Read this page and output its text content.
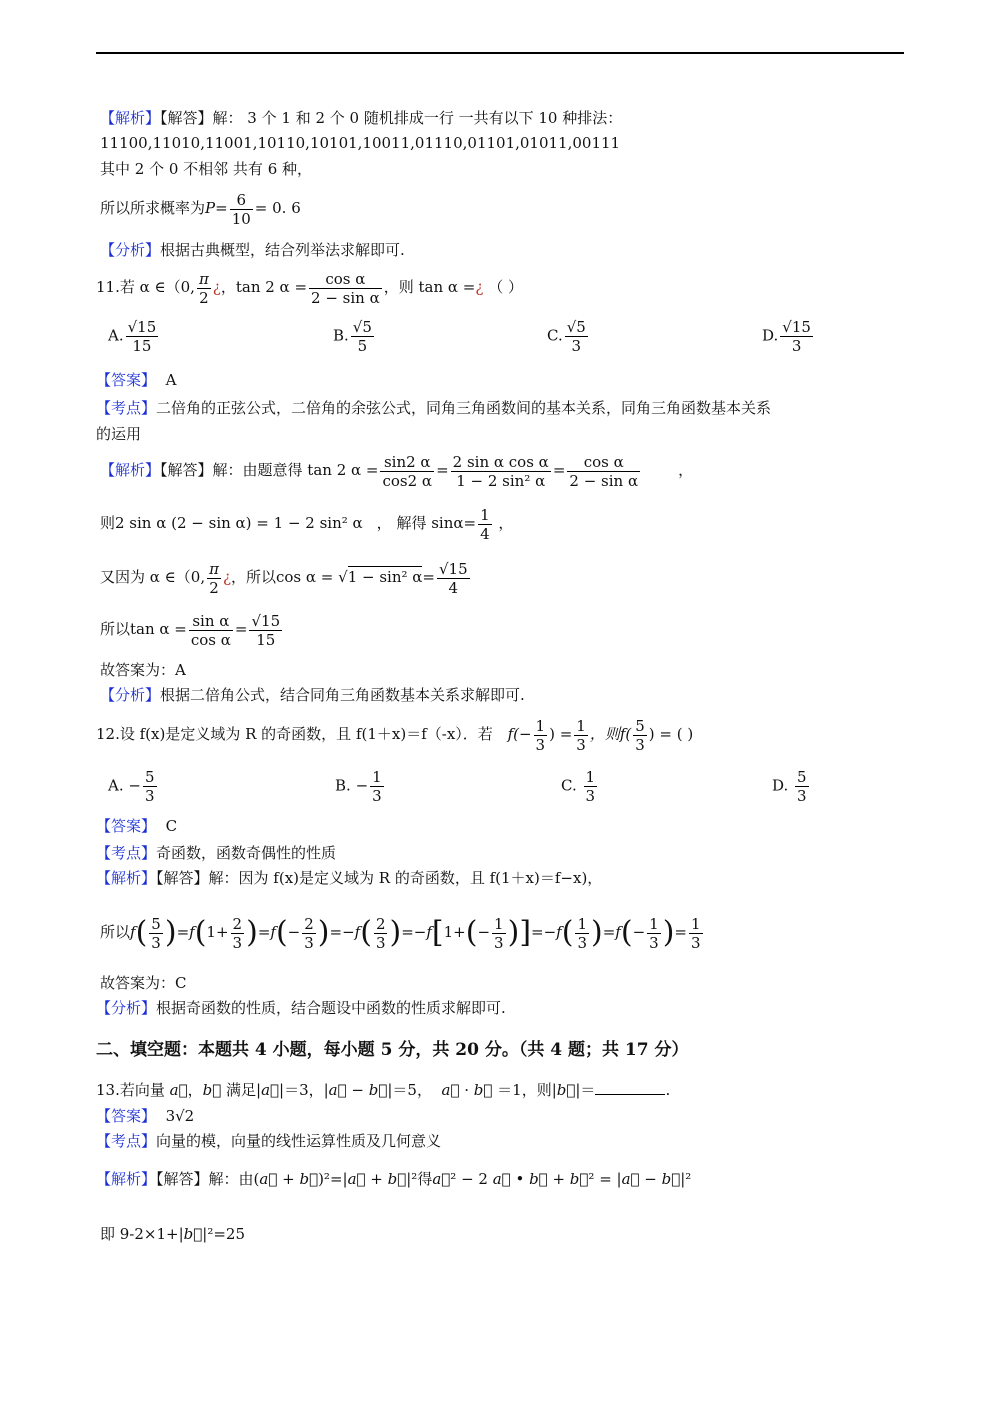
【解析】【解答】解： 3 个 1 和 2 个 0 随机排成一行 一共有以下 10 种排法：
11100,11010,11001,10110,10101,10011,01110,01101,01011,00111
其中 2 个 0 不相邻 共有 6 种，
所以所求概率为$P= \frac{6}{10} = 0$. 6
【分析】根据古典概型，结合列举法求解即可.
11.若 α ∈（0, $\frac{\pi}{2}$ ¿，tan 2 $\alpha = \frac{\text{cos α}}{\text{2 − sin α}}$ ，则 tan α =¿ （ ）
A. $\frac{√15}{15}$	B. $\frac{√5}{5}$	C. $\frac{√5}{3}$	D. $\frac{√15}{3}$
【答案】 A
【考点】二倍角的正弦公式，二倍角的余弦公式，同角三角函数间的基本关系，同角三角函数基本关系
的运用
【解析】【解答】解：由题意得 tan 2 $\alpha = \frac{\sin 2 \alpha}{\cos 2 \alpha} = \frac{\text{2 sin α cos α}}{\text{1 − 2 sin² α}} = \frac{\text{cos α}}{\text{2 − sin α}}$	，
则2 sin α (2 − sin α) = 1 − 2 sin² α ， 解得 $\sin\alpha= \frac{1}{4}$ ，
又因为 α ∈（0, $\frac{\pi}{2}$ ¿，所以cos α = √1 − sin² $\alpha= \frac{√15}{4}$
所以$\tan \alpha = \frac{\text{sin α}}{\text{cos α}} = \frac{√15}{15}$
故答案为：A
【分析】根据二倍角公式，结合同角三角函数基本关系求解即可.
12.设 f(x)是定义域为 R 的奇函数，且 f(1＋x)＝f（-x）．若 $f(- \frac{1}{3}$ ) = $\frac{1}{3}$ ，则$f( \frac{5}{3}$ ) = ( )
A. − $\frac{5}{3}$	B. − $\frac{1}{3}$	C. $\frac{1}{3}$	D. $\frac{5}{3}$
【答案】 C
【考点】奇函数，函数奇偶性的性质
【解析】【解答】解：因为 f(x)是定义域为 R 的奇函数，且 f(1＋x)＝f−x)，
所以$f( \frac{5}{3} )=f(1+ \frac{2}{3} )=f(- \frac{2}{3} )=-f( \frac{2}{3} )=-f[1+(- \frac{1}{3} )]=-f( \frac{1}{3} )=f(- \frac{1}{3}$ )= $\frac{1}{3}$
故答案为：C
【分析】根据奇函数的性质，结合题设中函数的性质求解即可.
二、填空题：本题共 4 小题，每小题 5 分，共 20 分。（共 4 题；共 17 分）
13.若向量 a⃗，b⃗ 满足|a⃗|＝3，|a⃗ − b⃗|＝5， a⃗ · b⃗ ＝1，则|b⃗|＝	.
【答案】 3√2
【考点】向量的模，向量的线性运算性质及几何意义
【解析】【解答】解：由(a⃗ + b⃗)²=|a⃗ + b⃗|²得a⃗² − 2 a⃗ • b⃗ + b⃗² = |a⃗ − b⃗|²
即 9-2×1+|b⃗|²=25
